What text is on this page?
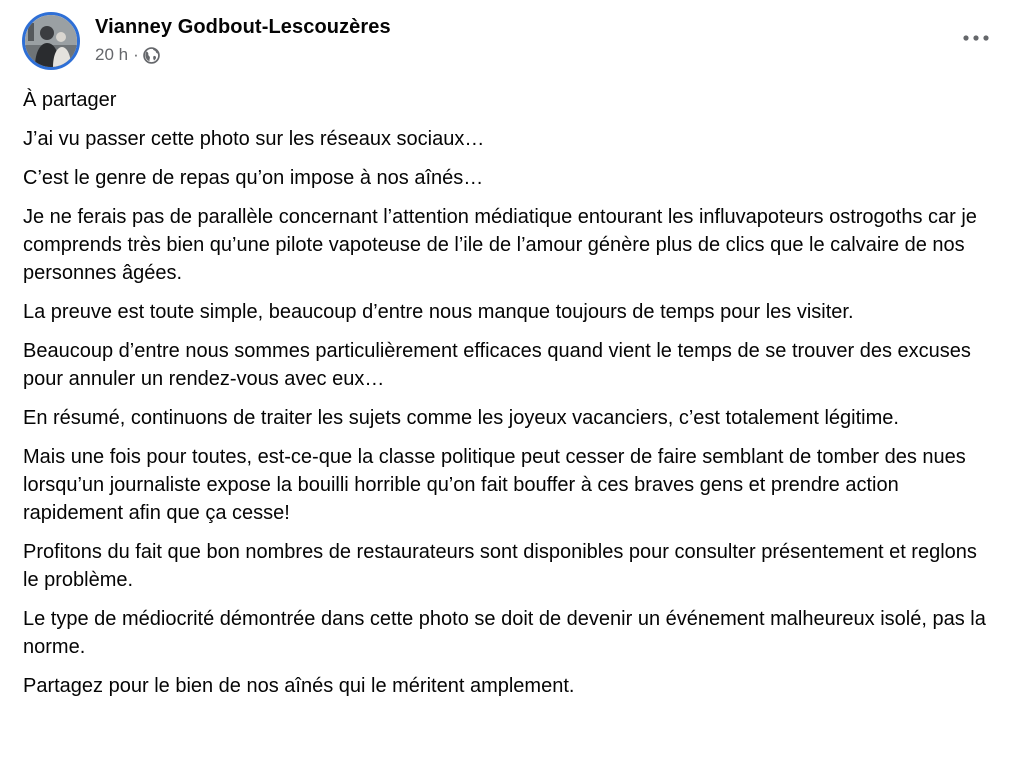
Vianney Godbout-Lescouzères
20 h ·

À partager

J’ai vu passer cette photo sur les réseaux sociaux…

C’est le genre de repas qu’on impose à nos aînés…

Je ne ferais pas de parallèle concernant l’attention médiatique entourant les influvapoteurs ostrogoths car je comprends très bien qu’une pilote vapoteuse de l’ile de l’amour génère plus de clics que le calvaire de nos personnes âgées.

La preuve est toute simple, beaucoup d’entre nous manque toujours de temps pour les visiter.

Beaucoup d’entre nous sommes particulièrement efficaces quand vient le temps de se trouver des excuses pour annuler un rendez-vous avec eux…

En résumé, continuons de traiter les sujets comme les joyeux vacanciers, c’est totalement légitime.

Mais une fois pour toutes, est-ce-que la classe politique peut cesser de faire semblant de tomber des nues lorsqu’un journaliste expose la bouilli horrible qu’on fait bouffer à ces braves gens et prendre action rapidement afin que ça cesse!

Profitons du fait que bon nombres de restaurateurs sont disponibles pour consulter présentement et reglons le problème.

Le type de médiocrité démontrée dans cette photo se doit de devenir un événement malheureux isolé, pas la norme.

Partagez pour le bien de nos aînés qui le méritent amplement.
